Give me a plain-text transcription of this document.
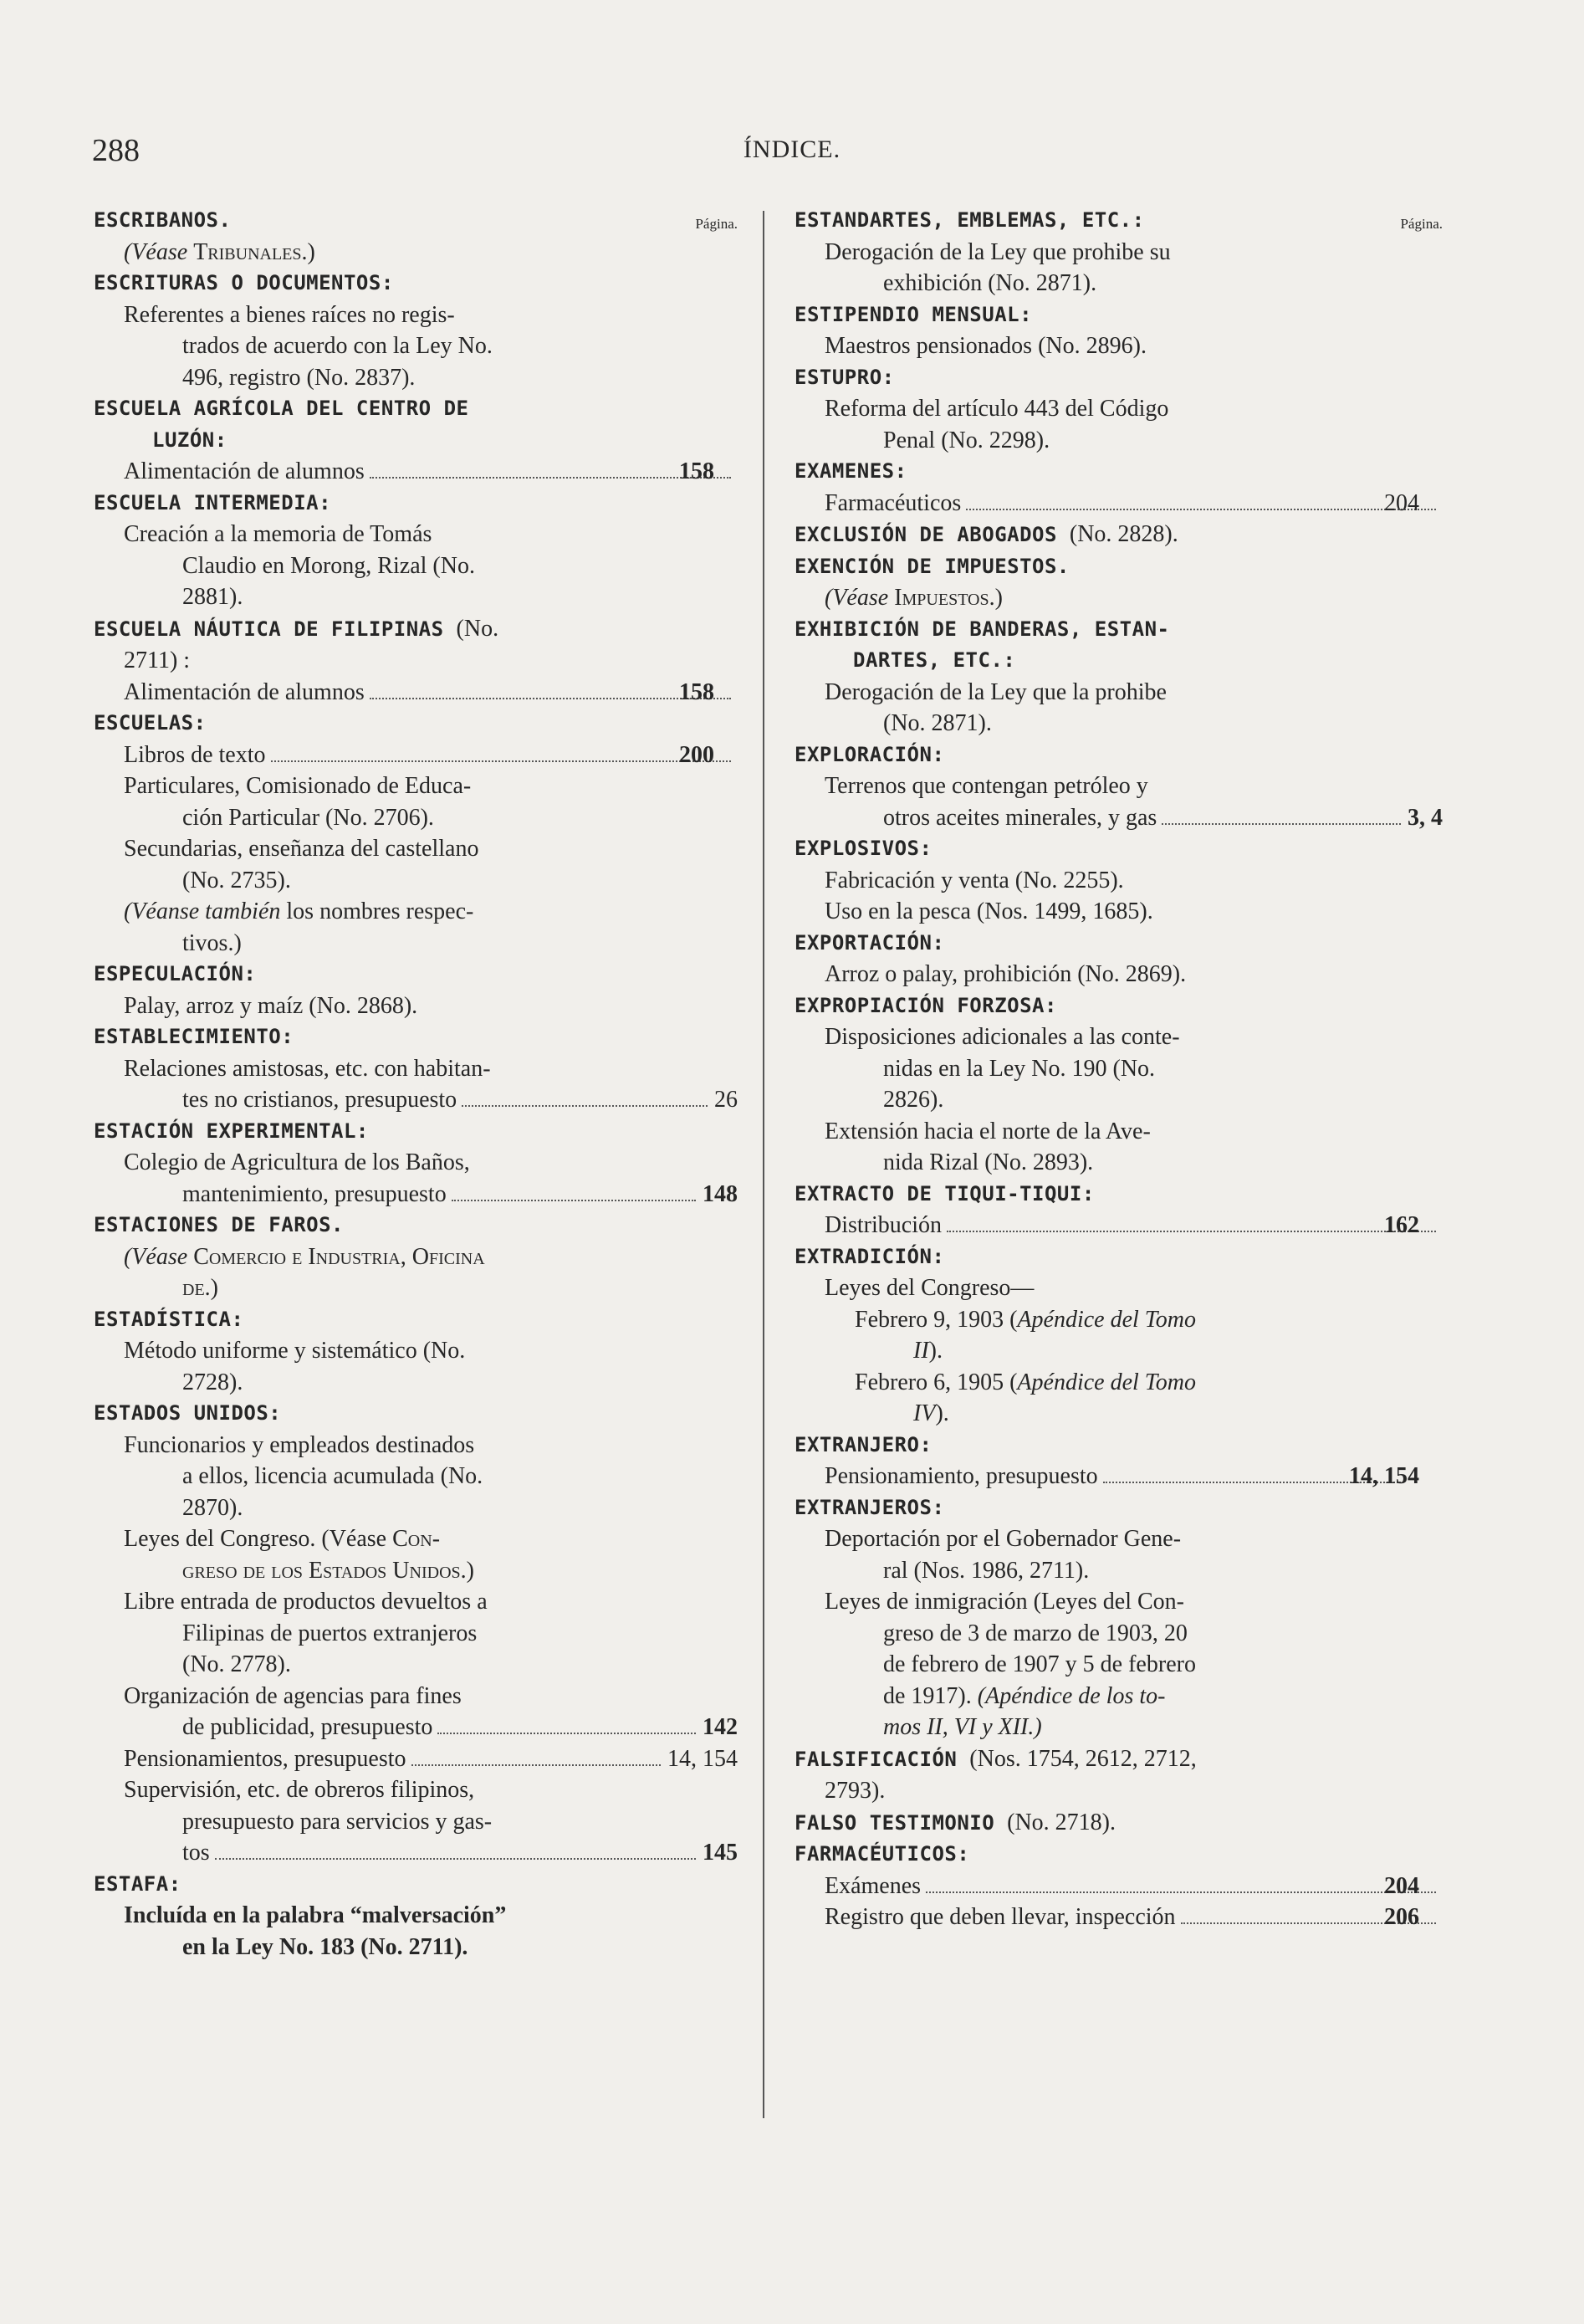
288	ÍNDICE.
Página.
ESCRIBANOS.
(Véase Tribunales.)
ESCRITURAS O DOCUMENTOS:
Referentes a bienes raíces no regis-
trados de acuerdo con la Ley No.
496, registro (No. 2837).
ESCUELA AGRÍCOLA DEL CENTRO DE
LUZÓN:
Alimentación de alumnos	158
ESCUELA INTERMEDIA:
Creación a la memoria de Tomás
Claudio en Morong, Rizal (No.
2881).
ESCUELA NÁUTICA DE FILIPINAS (No.
2711) :
Alimentación de alumnos	158
ESCUELAS:
Libros de texto	200
Particulares, Comisionado de Educa-
ción Particular (No. 2706).
Secundarias, enseñanza del castellano
(No. 2735).
(Véanse también los nombres respec-
tivos.)
ESPECULACIÓN:
Palay, arroz y maíz (No. 2868).
ESTABLECIMIENTO:
Relaciones amistosas, etc. con habitan-
tes no cristianos, presupuesto	26
ESTACIÓN EXPERIMENTAL:
Colegio de Agricultura de los Baños,
mantenimiento, presupuesto	148
ESTACIONES DE FAROS.
(Véase Comercio e Industria, Oficina
de.)
ESTADÍSTICA:
Método uniforme y sistemático (No.
2728).
ESTADOS UNIDOS:
Funcionarios y empleados destinados
a ellos, licencia acumulada (No.
2870).
Leyes del Congreso. (Véase Con-
greso de los Estados Unidos.)
Libre entrada de productos devueltos a
Filipinas de puertos extranjeros
(No. 2778).
Organización de agencias para fines
de publicidad, presupuesto	142
Pensionamientos, presupuesto	14, 154
Supervisión, etc. de obreros filipinos,
presupuesto para servicios y gas-
tos	145
ESTAFA:
Incluída en la palabra “malversación”
en la Ley No. 183 (No. 2711).
Página.
ESTANDARTES, EMBLEMAS, ETC.:
Derogación de la Ley que prohibe su
exhibición (No. 2871).
ESTIPENDIO MENSUAL:
Maestros pensionados (No. 2896).
ESTUPRO:
Reforma del artículo 443 del Código
Penal (No. 2298).
EXAMENES:
Farmacéuticos	204
EXCLUSIÓN DE ABOGADOS (No. 2828).
EXENCIÓN DE IMPUESTOS.
(Véase Impuestos.)
EXHIBICIÓN DE BANDERAS, ESTAN-
DARTES, ETC.:
Derogación de la Ley que la prohibe
(No. 2871).
EXPLORACIÓN:
Terrenos que contengan petróleo y
otros aceites minerales, y gas	3, 4
EXPLOSIVOS:
Fabricación y venta (No. 2255).
Uso en la pesca (Nos. 1499, 1685).
EXPORTACIÓN:
Arroz o palay, prohibición (No. 2869).
EXPROPIACIÓN FORZOSA:
Disposiciones adicionales a las conte-
nidas en la Ley No. 190 (No.
2826).
Extensión hacia el norte de la Ave-
nida Rizal (No. 2893).
EXTRACTO DE TIQUI-TIQUI:
Distribución	162
EXTRADICIÓN:
Leyes del Congreso—
Febrero 9, 1903 (Apéndice del Tomo
II).
Febrero 6, 1905 (Apéndice del Tomo
IV).
EXTRANJERO:
Pensionamiento, presupuesto	14, 154
EXTRANJEROS:
Deportación por el Gobernador Gene-
ral (Nos. 1986, 2711).
Leyes de inmigración (Leyes del Con-
greso de 3 de marzo de 1903, 20
de febrero de 1907 y 5 de febrero
de 1917). (Apéndice de los to-
mos II, VI y XII.)
FALSIFICACIÓN (Nos. 1754, 2612, 2712,
2793).
FALSO TESTIMONIO (No. 2718).
FARMACÉUTICOS:
Exámenes	204
Registro que deben llevar, inspección	206
